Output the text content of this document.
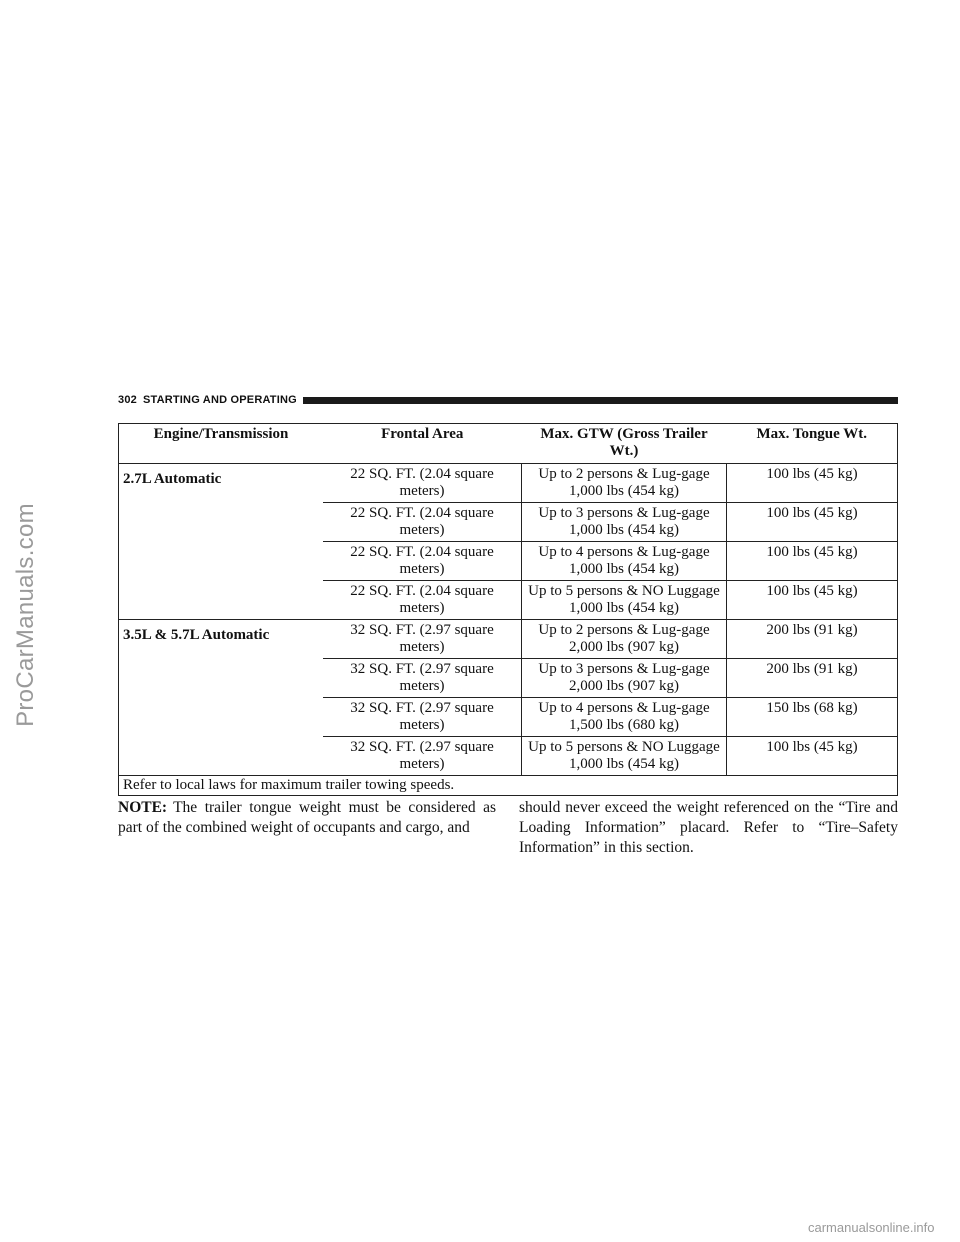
ProCarManuals.com
302 STARTING AND OPERATING
Engine/Transmission	Frontal Area	Max. GTW (Gross Trailer Wt.)	Max. Tongue Wt.
2.7L Automatic	22 SQ. FT. (2.04 square meters)	Up to 2 persons & Lug-gage 1,000 lbs (454 kg)	100 lbs (45 kg)
	22 SQ. FT. (2.04 square meters)	Up to 3 persons & Lug-gage 1,000 lbs (454 kg)	100 lbs (45 kg)
	22 SQ. FT. (2.04 square meters)	Up to 4 persons & Lug-gage 1,000 lbs (454 kg)	100 lbs (45 kg)
	22 SQ. FT. (2.04 square meters)	Up to 5 persons & NO Luggage 1,000 lbs (454 kg)	100 lbs (45 kg)
3.5L & 5.7L Automatic	32 SQ. FT. (2.97 square meters)	Up to 2 persons & Lug-gage 2,000 lbs (907 kg)	200 lbs (91 kg)
	32 SQ. FT. (2.97 square meters)	Up to 3 persons & Lug-gage 2,000 lbs (907 kg)	200 lbs (91 kg)
	32 SQ. FT. (2.97 square meters)	Up to 4 persons & Lug-gage 1,500 lbs (680 kg)	150 lbs (68 kg)
	32 SQ. FT. (2.97 square meters)	Up to 5 persons & NO Luggage 1,000 lbs (454 kg)	100 lbs (45 kg)
Refer to local laws for maximum trailer towing speeds.			
NOTE: The trailer tongue weight must be considered as part of the combined weight of occupants and cargo, and
should never exceed the weight referenced on the “Tire and Loading Information” placard. Refer to “Tire–Safety Information” in this section.
carmanualsonline.info
